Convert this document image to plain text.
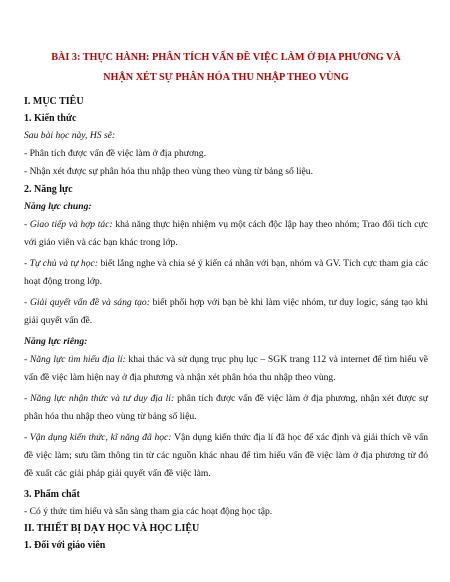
BÀI 3: THỰC HÀNH: PHÂN TÍCH VẤN ĐỀ VIỆC LÀM Ở ĐỊA PHƯƠNG VÀ
NHẬN XÉT SỰ PHÂN HÓA THU NHẬP THEO VÙNG
I. MỤC TIÊU
1. Kiến thức
Sau bài học này, HS sẽ:
- Phân tích được vấn đề việc làm ở địa phương.
- Nhận xét được sự phân hóa thu nhập theo vùng theo vùng từ bảng số liệu.
2. Năng lực
Năng lực chung:
- Giao tiếp và hợp tác: khả năng thực hiện nhiệm vụ một cách độc lập hay theo nhóm; Trao đổi tích cực với giáo viên và các bạn khác trong lớp.
- Tự chủ và tự học: biết lắng nghe và chia sẻ ý kiến cá nhân với bạn, nhóm và GV. Tích cực tham gia các hoạt động trong lớp.
- Giải quyết vấn đề và sáng tạo: biết phối hợp với bạn bè khi làm việc nhóm, tư duy logic, sáng tạo khi giải quyết vấn đề.
Năng lực riêng:
- Năng lực tìm hiểu địa lí: khai thác và sử dụng trục phụ lục – SGK trang 112 và internet để tìm hiểu về vấn đề việc làm hiện nay ở địa phương và nhận xét phân hóa thu nhập theo vùng.
- Năng lực nhận thức và tư duy địa lí: phân tích được vấn đề việc làm ở địa phương, nhận xét được sự phân hóa thu nhập theo vùng từ bảng số liệu.
- Vận dụng kiến thức, kĩ năng đã học: Vận dụng kiến thức địa lí đã học để xác định và giải thích về vấn đề việc làm; sưu tầm thông tin từ các nguồn khác nhau để tìm hiểu vấn đề việc làm ở địa phương từ đó đề xuất các giải pháp giải quyết vấn đề việc làm.
3. Phẩm chất
- Có ý thức tìm hiểu và sẵn sàng tham gia các hoạt động học tập.
II. THIẾT BỊ DẠY HỌC VÀ HỌC LIỆU
1. Đối với giáo viên
